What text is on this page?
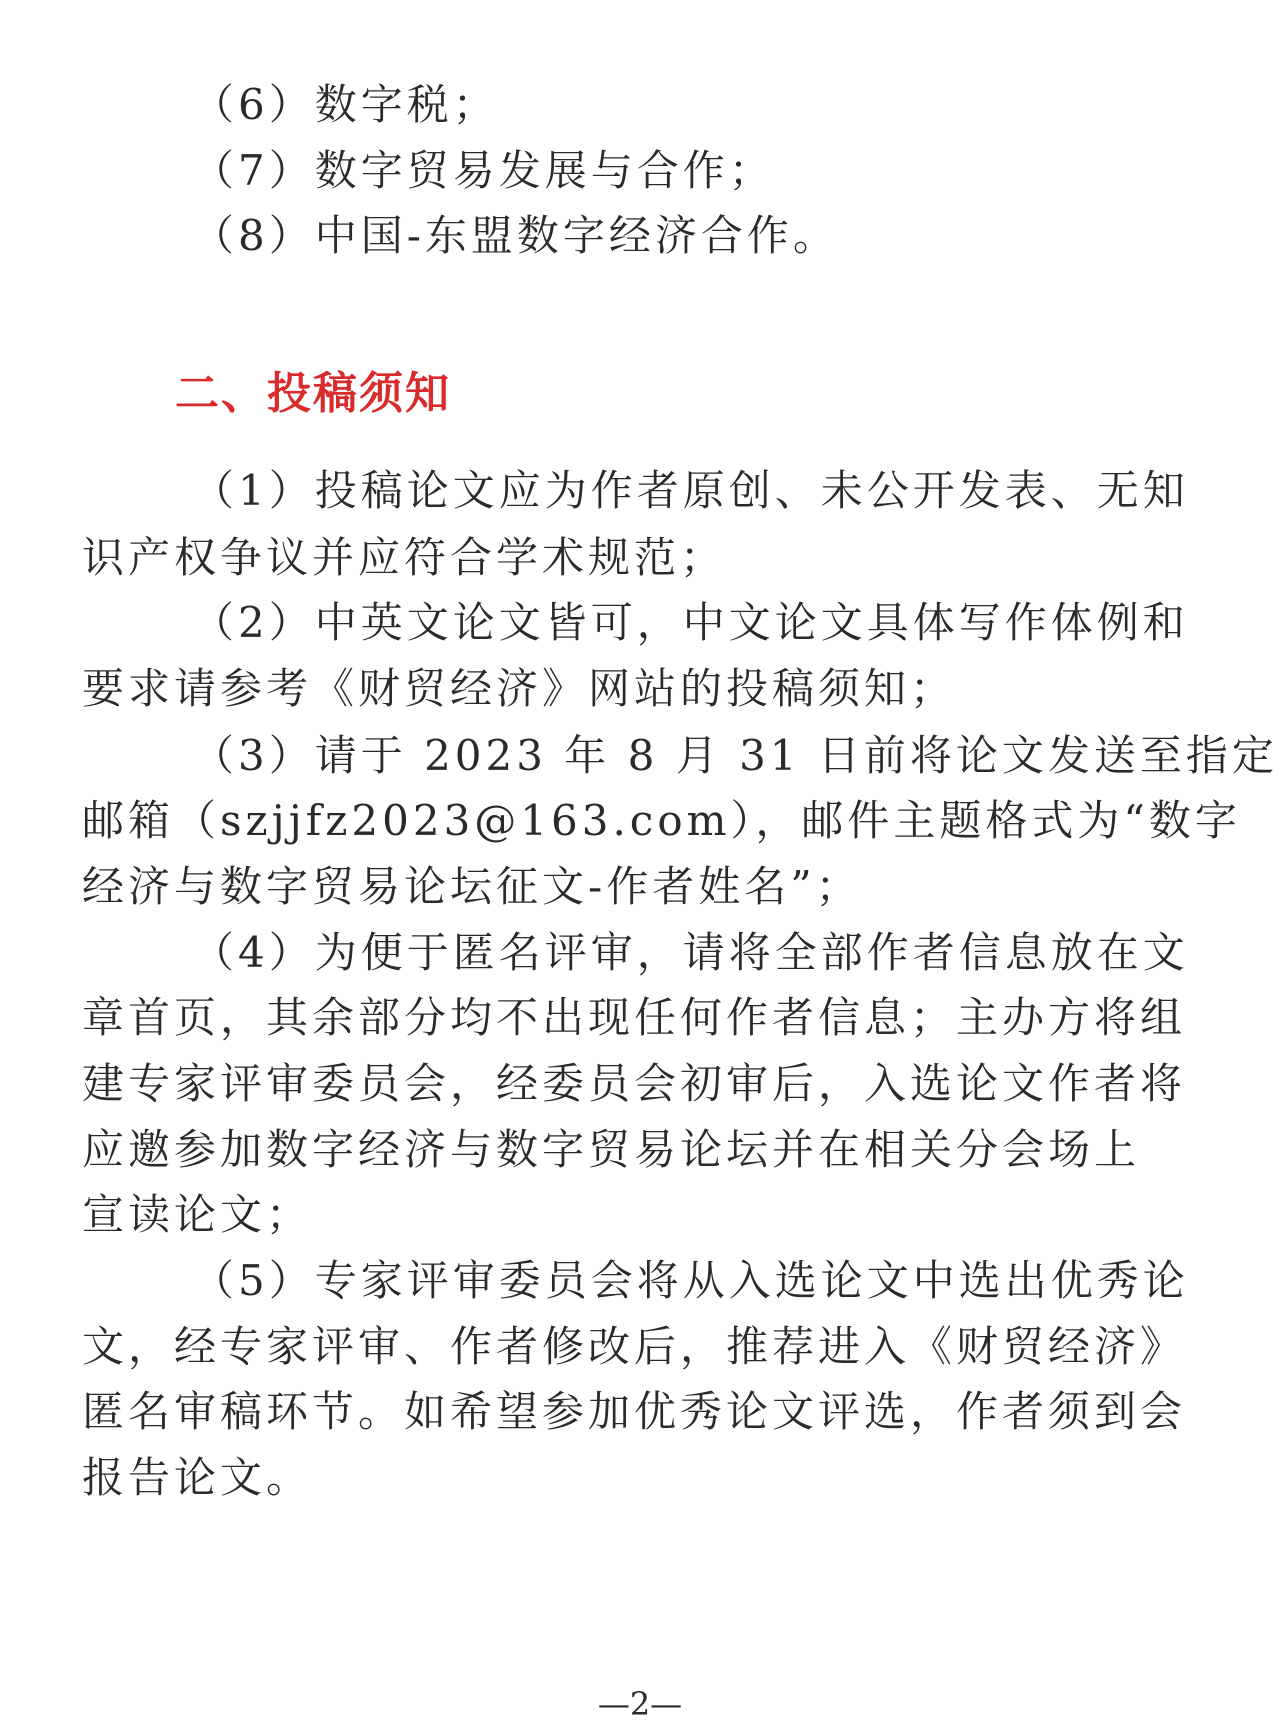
（6）数字税；
（7）数字贸易发展与合作；
（8）中国-东盟数字经济合作。
二、投稿须知
（1）投稿论文应为作者原创、未公开发表、无知
识产权争议并应符合学术规范；
（2）中英文论文皆可，中文论文具体写作体例和
要求请参考《财贸经济》网站的投稿须知；
（3）请于 2023 年 8 月 31 日前将论文发送至指定
邮箱（szjjfz2023@163.com），邮件主题格式为“数字
经济与数字贸易论坛征文-作者姓名”；
（4）为便于匿名评审，请将全部作者信息放在文
章首页，其余部分均不出现任何作者信息；主办方将组
建专家评审委员会，经委员会初审后，入选论文作者将
应邀参加数字经济与数字贸易论坛并在相关分会场上
宣读论文；
（5）专家评审委员会将从入选论文中选出优秀论
文，经专家评审、作者修改后，推荐进入《财贸经济》
匿名审稿环节。如希望参加优秀论文评选，作者须到会
报告论文。
—2—
